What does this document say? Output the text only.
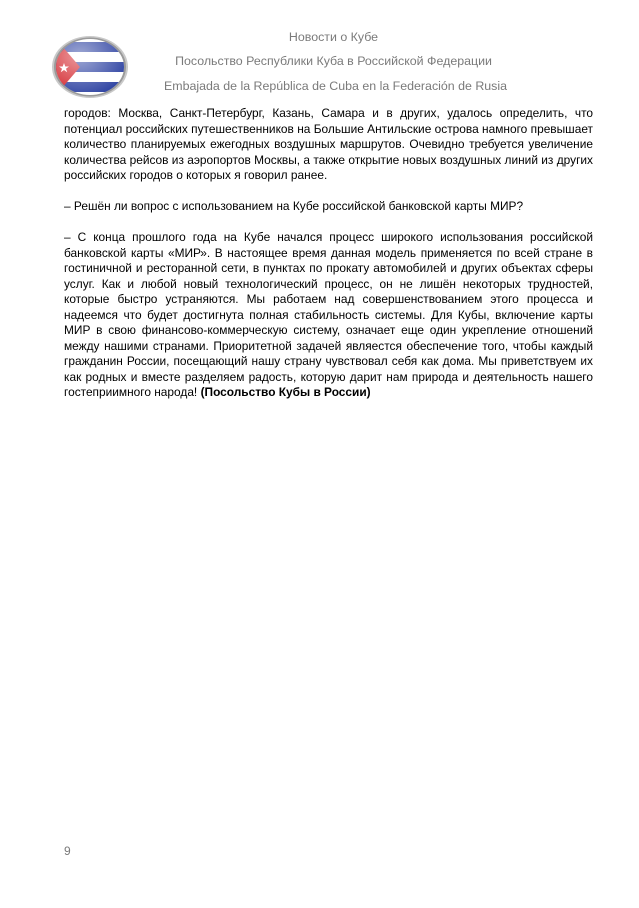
Новости о Кубе
Посольство Республики Куба в Российской Федерации
Embajada de la República de Cuba en la Federación de Rusia

городов: Москва, Санкт-Петербург, Казань, Самара и в других, удалось определить, что потенциал российских путешественников на Большие Антильские острова намного превышает количество планируемых ежегодных воздушных маршрутов. Очевидно требуется увеличение количества рейсов из аэропортов Москвы, а также открытие новых воздушных линий из других российских городов о которых я говорил ранее.

– Решён ли вопрос с использованием на Кубе российской банковской карты МИР?

– С конца прошлого года на Кубе начался процесс широкого использования российской банковской карты «МИР». В настоящее время данная модель применяется по всей стране в гостиничной и ресторанной сети, в пунктах по прокату автомобилей и других объектах сферы услуг. Как и любой новый технологический процесс, он не лишён некоторых трудностей, которые быстро устраняются. Мы работаем над совершенствованием этого процесса и надеемся что будет достигнута полная стабильность системы. Для Кубы, включение карты МИР в свою финансово-коммерческую систему, означает еще один укрепление отношений между нашими странами. Приоритетной задачей являестся обеспечение того, чтобы каждый гражданин России, посещающий нашу страну чувствовал себя как дома. Мы приветствуем их как родных и вместе разделяем радость, которую дарит нам природа и деятельность нашего гостеприимного народа! (Посольство Кубы в России)

9
